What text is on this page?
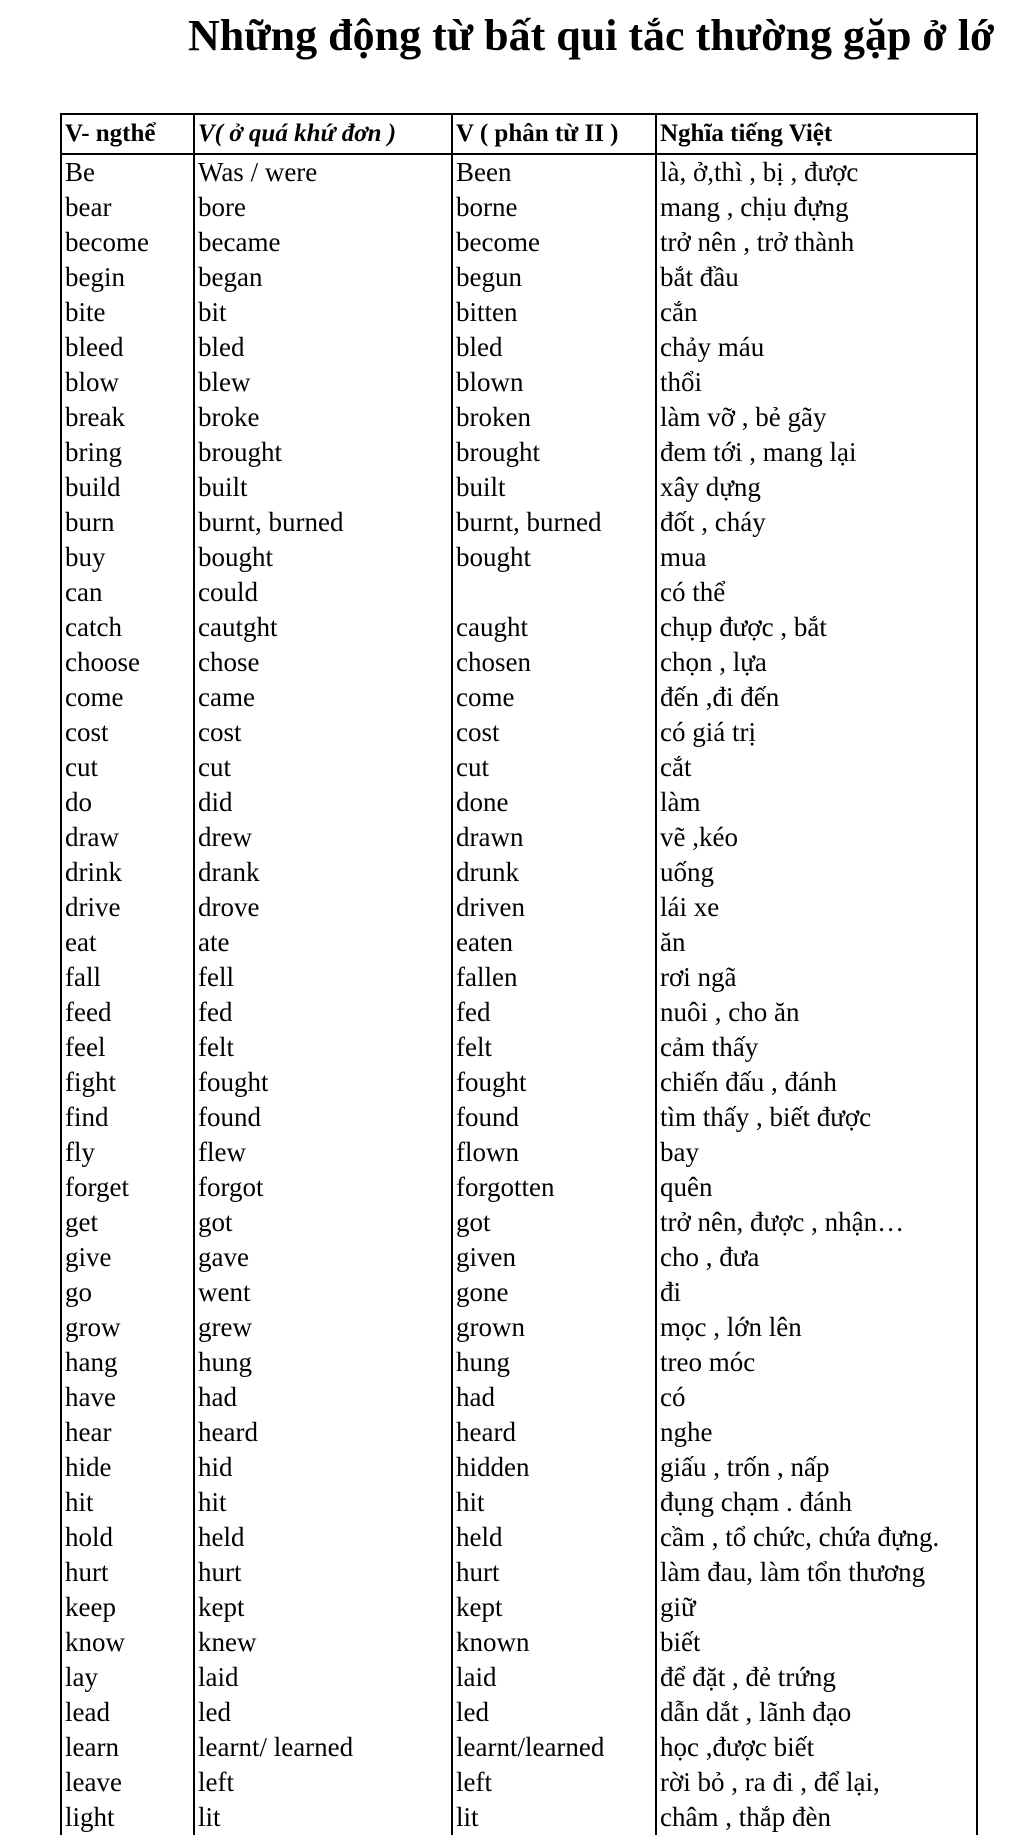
Những động từ bất qui tắc thường gặp ở lớ
V- ngthể	V( ở quá khứ đơn )	V ( phân từ II )	Nghĩa tiếng Việt
Be	Was / were	Been	là, ở,thì , bị , được
bear	bore	borne	mang , chịu đựng
become	became	become	trở nên , trở thành
begin	began	begun	bắt đầu
bite	bit	bitten	cắn
bleed	bled	bled	chảy máu
blow	blew	blown	thổi
break	broke	broken	làm vỡ , bẻ gãy
bring	brought	brought	đem tới , mang lại
build	built	built	xây dựng
burn	burnt, burned	burnt, burned	đốt , cháy
buy	bought	bought	mua
can	could		có thể
catch	cautght	caught	chụp được , bắt
choose	chose	chosen	chọn , lựa
come	came	come	đến ,đi đến
cost	cost	cost	có giá trị
cut	cut	cut	cắt
do	did	done	làm
draw	drew	drawn	vẽ ,kéo
drink	drank	drunk	uống
drive	drove	driven	lái xe
eat	ate	eaten	ăn
fall	fell	fallen	rơi ngã
feed	fed	fed	nuôi , cho ăn
feel	felt	felt	cảm thấy
fight	fought	fought	chiến đấu , đánh
find	found	found	tìm thấy , biết được
fly	flew	flown	bay
forget	forgot	forgotten	quên
get	got	got	trở nên, được , nhận…
give	gave	given	cho , đưa
go	went	gone	đi
grow	grew	grown	mọc , lớn lên
hang	hung	hung	treo móc
have	had	had	có
hear	heard	heard	nghe
hide	hid	hidden	giấu , trốn , nấp
hit	hit	hit	đụng chạm . đánh
hold	held	held	cầm , tổ chức, chứa đựng.
hurt	hurt	hurt	làm đau, làm tổn thương
keep	kept	kept	giữ
know	knew	known	biết
lay	laid	laid	để đặt , đẻ trứng
lead	led	led	dẫn dắt , lãnh đạo
learn	learnt/ learned	learnt/learned	học ,được biết
leave	left	left	rời bỏ , ra đi , để lại,
light	lit	lit	châm , thắp đèn
